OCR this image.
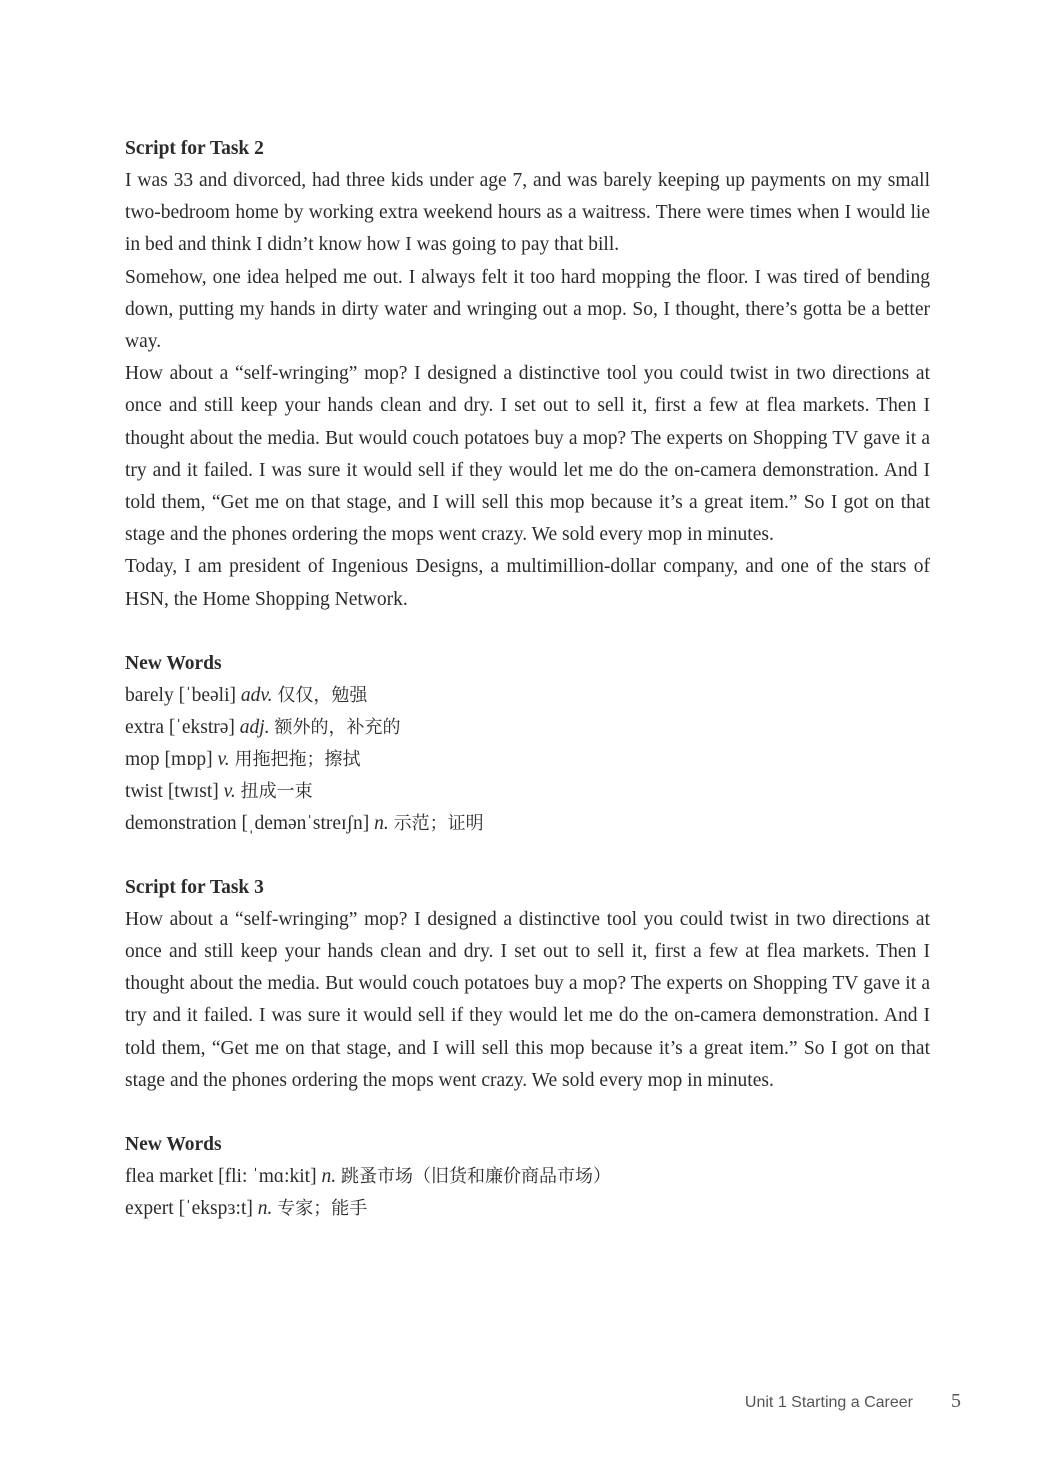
Script for Task 2

I was 33 and divorced, had three kids under age 7, and was barely keeping up payments on my small two-bedroom home by working extra weekend hours as a waitress. There were times when I would lie in bed and think I didn’t know how I was going to pay that bill.

Somehow, one idea helped me out. I always felt it too hard mopping the floor. I was tired of bending down, putting my hands in dirty water and wringing out a mop. So, I thought, there’s gotta be a better way.

How about a “self-wringing” mop? I designed a distinctive tool you could twist in two directions at once and still keep your hands clean and dry. I set out to sell it, first a few at flea markets. Then I thought about the media. But would couch potatoes buy a mop? The experts on Shopping TV gave it a try and it failed. I was sure it would sell if they would let me do the on-camera demonstration. And I told them, “Get me on that stage, and I will sell this mop because it’s a great item.” So I got on that stage and the phones ordering the mops went crazy. We sold every mop in minutes.

Today, I am president of Ingenious Designs, a multimillion-dollar company, and one of the stars of HSN, the Home Shopping Network.

New Words

barely [ˈbeəli] adv. 仅仅，勉强

extra [ˈekstrə] adj. 额外的，补充的

mop [mɒp] v. 用拖把拖；擦拭

twist [twɪst] v. 扭成一束

demonstration [ˌdemənˈstreɪʃn] n. 示范；证明

Script for Task 3

How about a “self-wringing” mop? I designed a distinctive tool you could twist in two directions at once and still keep your hands clean and dry. I set out to sell it, first a few at flea markets. Then I thought about the media. But would couch potatoes buy a mop? The experts on Shopping TV gave it a try and it failed. I was sure it would sell if they would let me do the on-camera demonstration. And I told them, “Get me on that stage, and I will sell this mop because it’s a great item.” So I got on that stage and the phones ordering the mops went crazy. We sold every mop in minutes.

New Words

flea market [fli: ˈmɑ:kit] n. 跳蚤市场（旧货和廉价商品市场）

expert [ˈekspɜ:t] n. 专家；能手

Unit 1 Starting a Career 5
